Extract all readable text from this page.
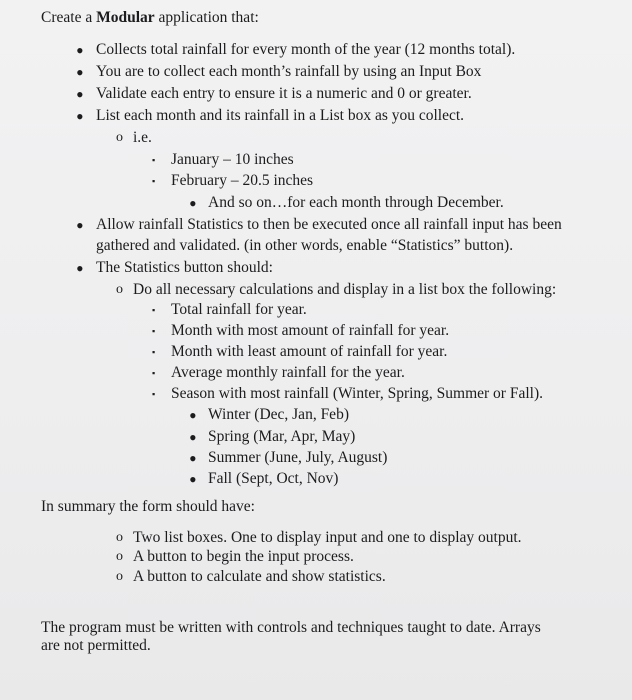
Create a Modular application that:
• Collects total rainfall for every month of the year (12 months total).
• You are to collect each month’s rainfall by using an Input Box
• Validate each entry to ensure it is a numeric and 0 or greater.
• List each month and its rainfall in a List box as you collect.
o i.e.
▪ January – 10 inches
▪ February – 20.5 inches
• And so on…for each month through December.
• Allow rainfall Statistics to then be executed once all rainfall input has been
gathered and validated. (in other words, enable “Statistics” button).
• The Statistics button should:
o Do all necessary calculations and display in a list box the following:
▪ Total rainfall for year.
▪ Month with most amount of rainfall for year.
▪ Month with least amount of rainfall for year.
▪ Average monthly rainfall for the year.
▪ Season with most rainfall (Winter, Spring, Summer or Fall).
• Winter (Dec, Jan, Feb)
• Spring (Mar, Apr, May)
• Summer (June, July, August)
• Fall (Sept, Oct, Nov)
In summary the form should have:
o Two list boxes. One to display input and one to display output.
o A button to begin the input process.
o A button to calculate and show statistics.
The program must be written with controls and techniques taught to date. Arrays
are not permitted.
